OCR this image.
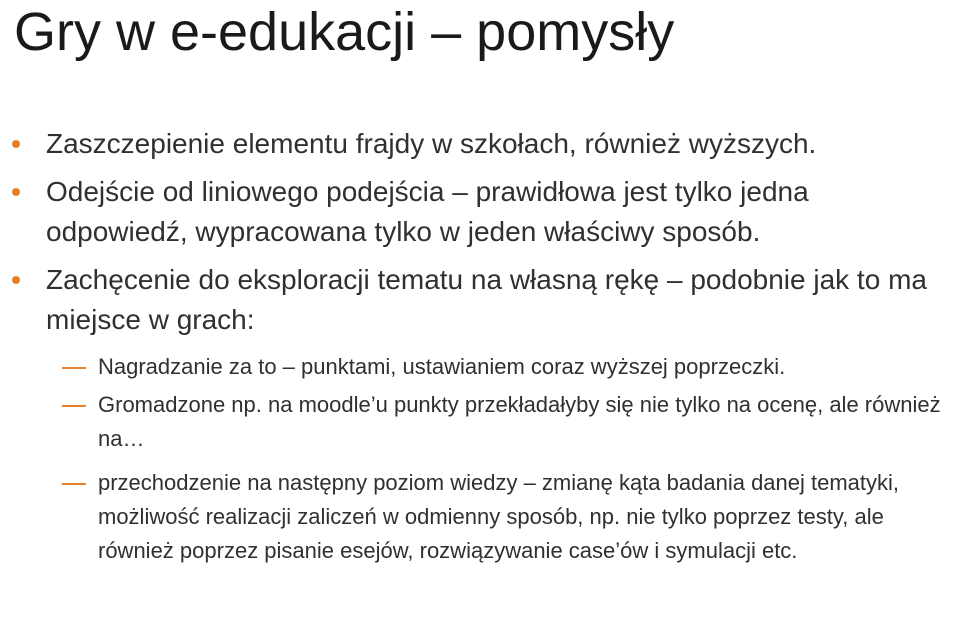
Gry w e-edukacji – pomysły
Zaszczepienie elementu frajdy w szkołach, również wyższych.
Odejście od liniowego podejścia – prawidłowa jest tylko jedna odpowiedź, wypracowana tylko w jeden właściwy sposób.
Zachęcenie do eksploracji tematu na własną rękę – podobnie jak to ma miejsce w grach:
Nagradzanie za to – punktami, ustawianiem coraz wyższej poprzeczki.
Gromadzone np. na moodle’u punkty przekładałyby się nie tylko na ocenę, ale również na…
przechodzenie na następny poziom wiedzy – zmianę kąta badania danej tematyki, możliwość realizacji zaliczeń w odmienny sposób, np. nie tylko poprzez testy, ale również poprzez pisanie esejów, rozwiązywanie case’ów i symulacji etc.
